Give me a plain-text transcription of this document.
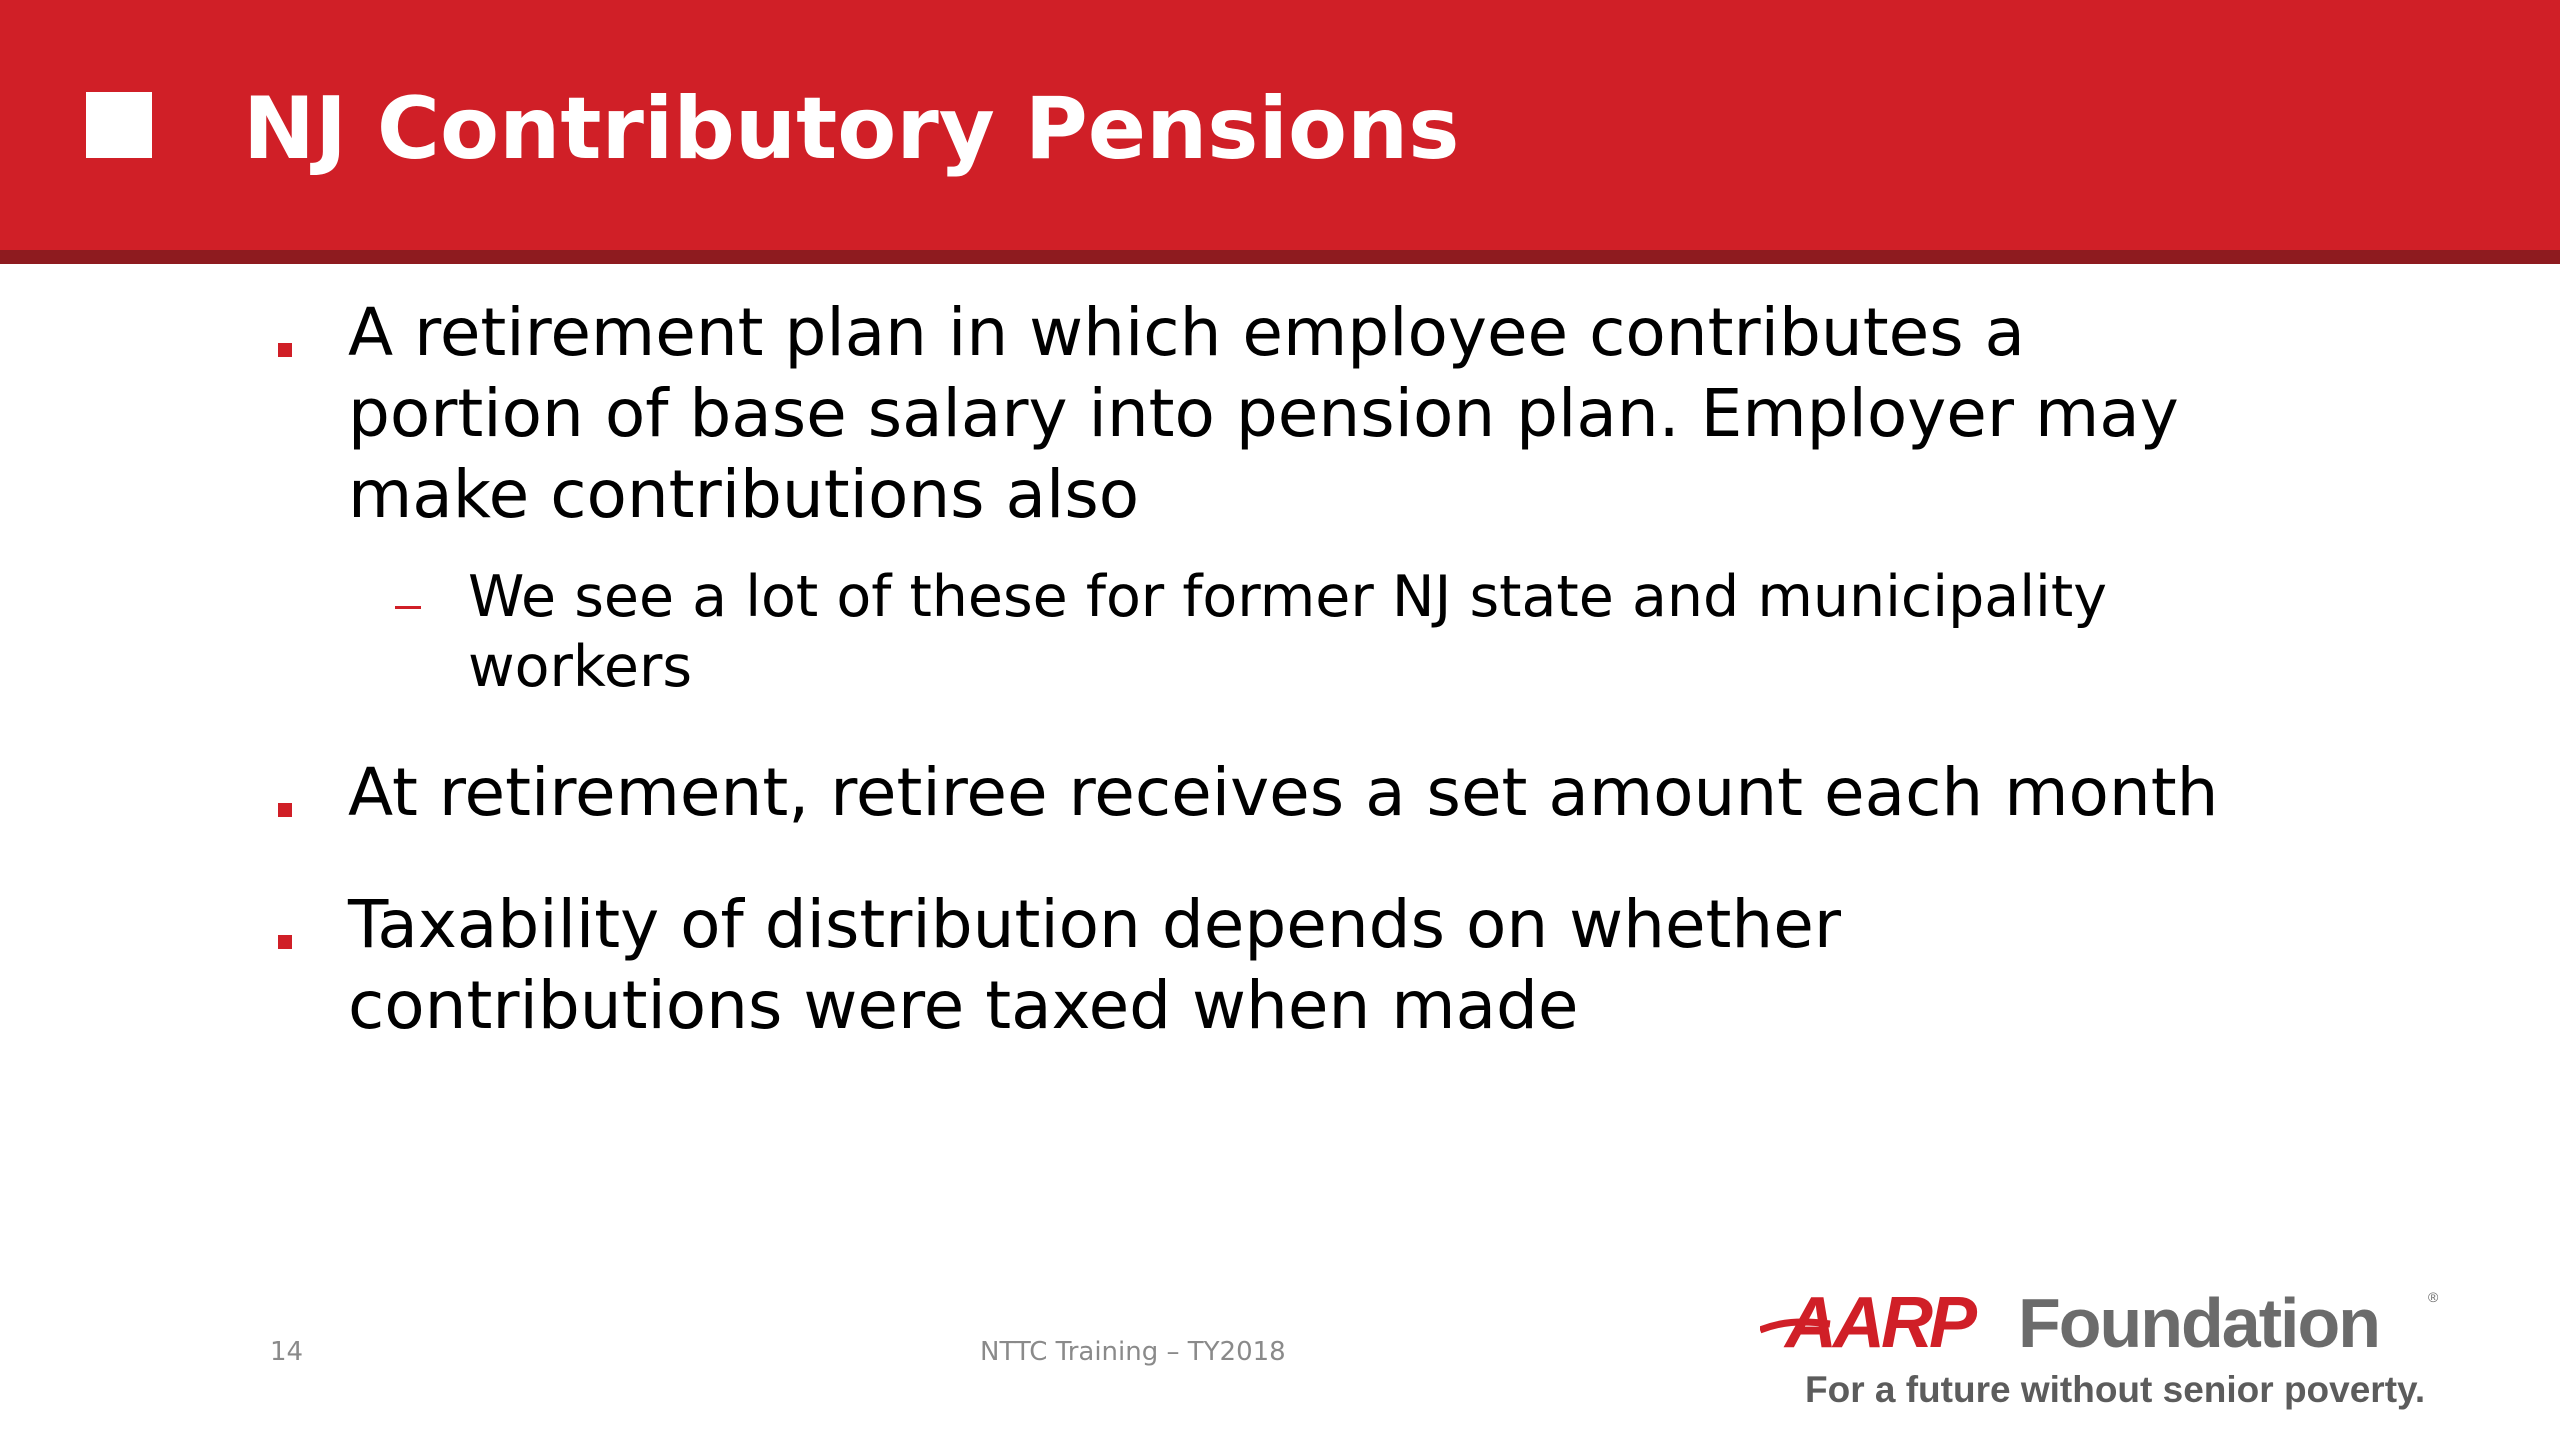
NJ Contributory Pensions
A retirement plan in which employee contributes a
portion of base salary into pension plan. Employer may
make contributions also
We see a lot of these for former NJ state and municipality
workers
At retirement, retiree receives a set amount each month
Taxability of distribution depends on whether
contributions were taxed when made
14	NTTC Training – TY2018	AARP Foundation	®
For a future without senior poverty.
